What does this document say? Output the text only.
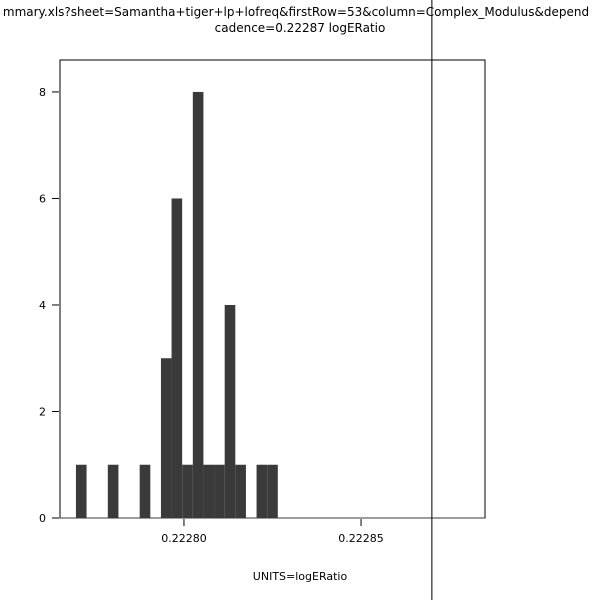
mmary.xls?sheet=Samantha+tiger+lp+lofreq&firstRow=53&column=Complex_Modulus&depend
cadence=0.22287 logERatio
0.22280	0.22285
0
2
4
6
8
UNITS=logERatio
